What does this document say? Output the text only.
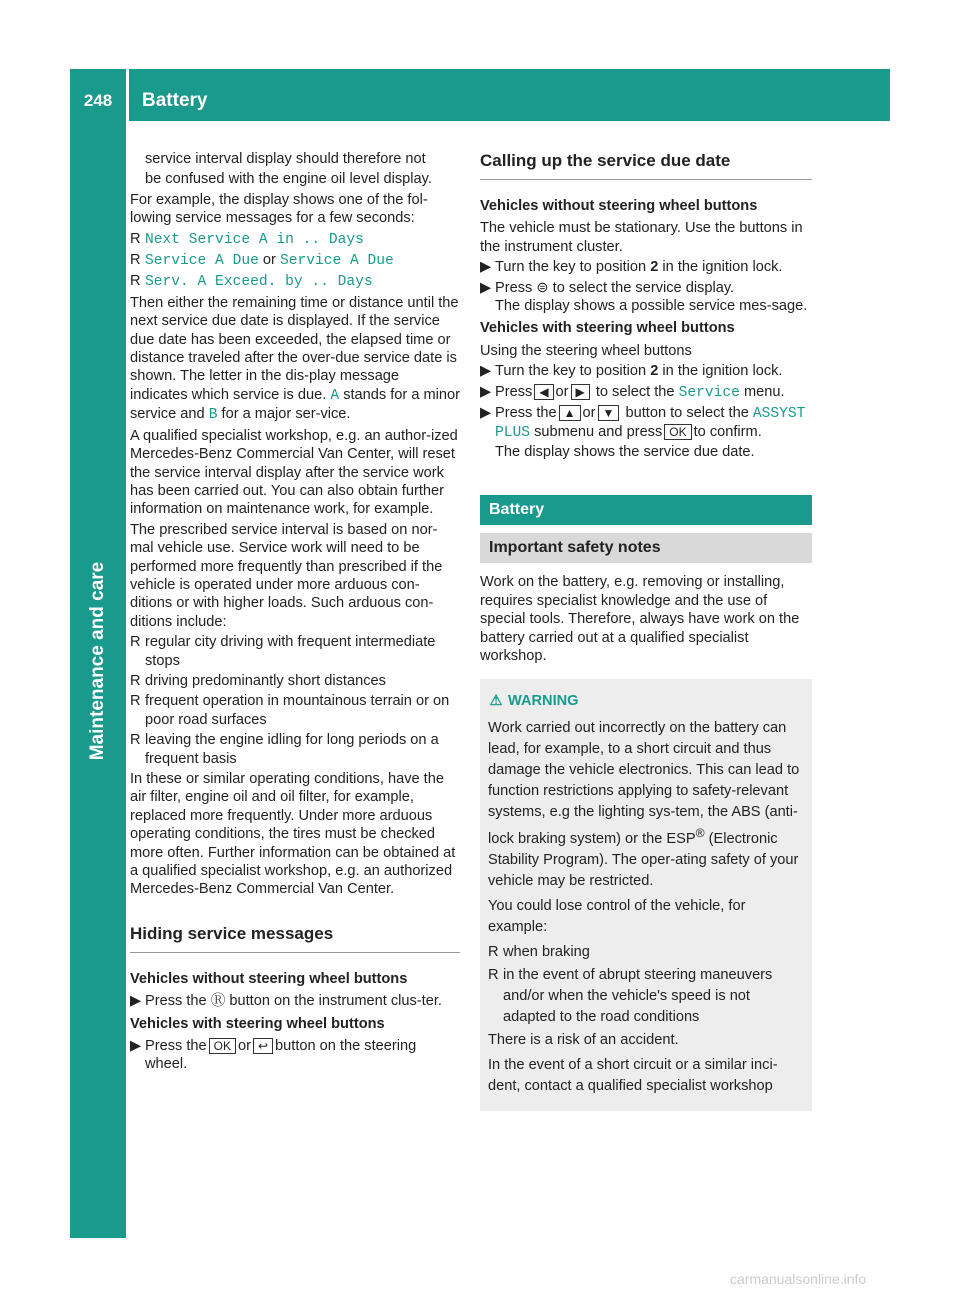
248	Battery
Maintenance and care

service interval display should therefore not

be confused with the engine oil level display.

For example, the display shows one of the fol-lowing service messages for a few seconds:

R Next Service A in .. Days
R Service A Due or Service A Due
R Serv. A Exceed. by .. Days

Then either the remaining time or distance until the next service due date is displayed. If the service due date has been exceeded, the elapsed time or distance traveled after the over-due service date is shown. The letter in the dis-play message indicates which service is due. A stands for a minor service and B for a major ser-vice.

A qualified specialist workshop, e.g. an author-ized Mercedes-Benz Commercial Van Center, will reset the service interval display after the service work has been carried out. You can also obtain further information on maintenance work, for example.

The prescribed service interval is based on nor-mal vehicle use. Service work will need to be performed more frequently than prescribed if the vehicle is operated under more arduous con-ditions or with higher loads. Such arduous con-ditions include:

R regular city driving with frequent intermediate stops
R driving predominantly short distances
R frequent operation in mountainous terrain or on poor road surfaces
R leaving the engine idling for long periods on a frequent basis

In these or similar operating conditions, have the air filter, engine oil and oil filter, for example, replaced more frequently. Under more arduous operating conditions, the tires must be checked more often. Further information can be obtained at a qualified specialist workshop, e.g. an authorized Mercedes-Benz Commercial Van Center.

Hiding service messages
Vehicles without steering wheel buttons
▶ Press the Ⓡ button on the instrument clus-ter.
Vehicles with steering wheel buttons
▶ Press the OK or ↩ button on the steering wheel.
Calling up the service due date
Vehicles without steering wheel buttons

The vehicle must be stationary. Use the buttons in the instrument cluster.

▶ Turn the key to position 2 in the ignition lock.
▶ Press ⊜ to select the service display.
The display shows a possible service mes-sage.
Vehicles with steering wheel buttons

Using the steering wheel buttons

▶ Turn the key to position 2 in the ignition lock.
▶ Press ◀ or ▶ to select the Service menu.
▶ Press the ▲ or ▼ button to select the ASSYST PLUS submenu and press OK to confirm.
The display shows the service due date.
Battery
Important safety notes

Work on the battery, e.g. removing or installing, requires specialist knowledge and the use of special tools. Therefore, always have work on the battery carried out at a qualified specialist workshop.

⚠ WARNING

Work carried out incorrectly on the battery can lead, for example, to a short circuit and thus damage the vehicle electronics. This can lead to function restrictions applying to safety-relevant systems, e.g the lighting sys-tem, the ABS (anti-lock braking system) or the ESP® (Electronic Stability Program). The oper-ating safety of your vehicle may be restricted.

You could lose control of the vehicle, for example:

R when braking
R in the event of abrupt steering maneuvers and/or when the vehicle's speed is not adapted to the road conditions

There is a risk of an accident.

In the event of a short circuit or a similar inci-dent, contact a qualified specialist workshop

carmanualsonline.info
